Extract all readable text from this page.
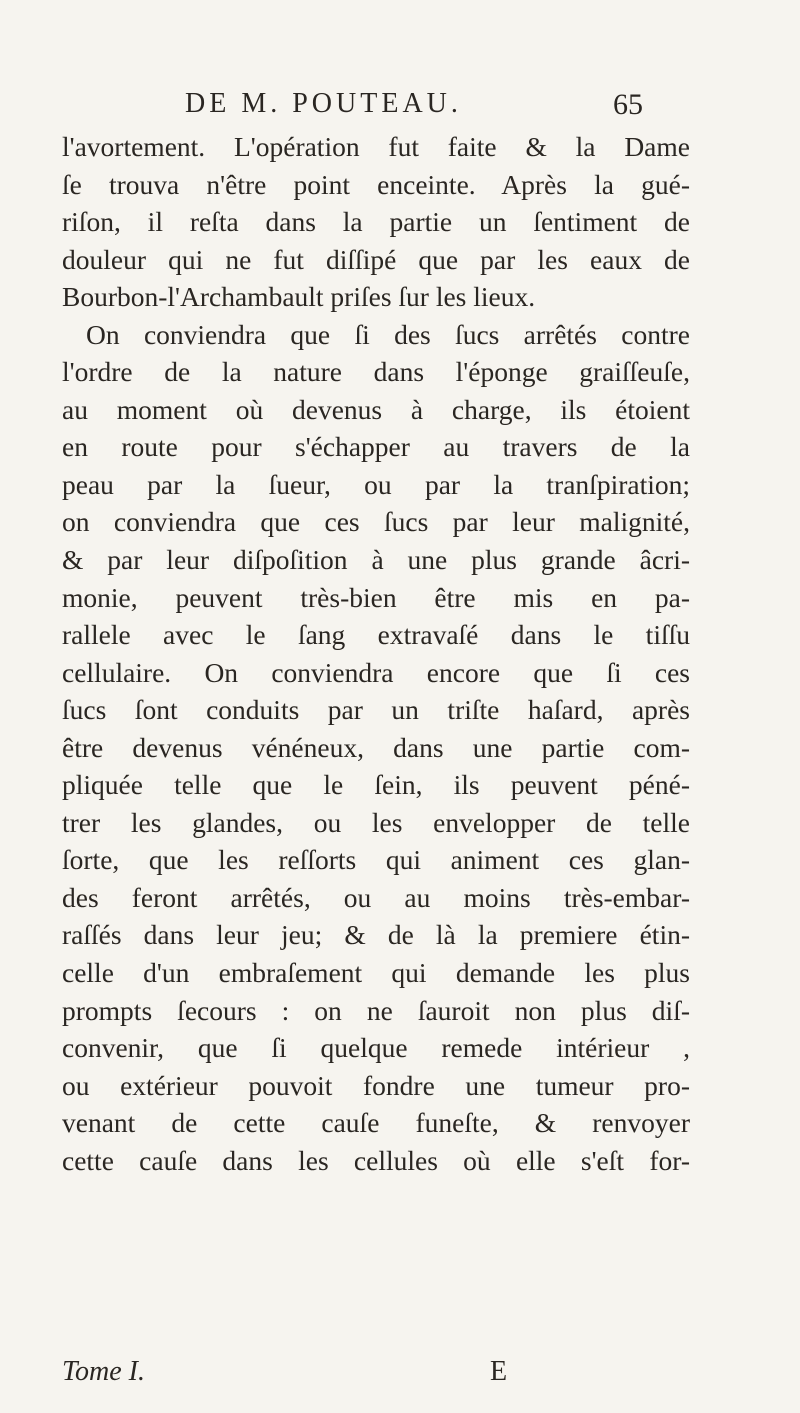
DE M. POUTEAU.	65
l'avortement. L'opération fut faite & la Dame
ſe trouva n'être point enceinte. Après la gué-
riſon, il reſta dans la partie un ſentiment de
douleur qui ne fut diſſipé que par les eaux de
Bourbon-l'Archambault priſes ſur les lieux.
On conviendra que ſi des ſucs arrêtés contre
l'ordre de la nature dans l'éponge graiſſeuſe,
au moment où devenus à charge, ils étoient
en route pour s'échapper au travers de la
peau par la ſueur, ou par la tranſpiration;
on conviendra que ces ſucs par leur malignité,
& par leur diſpoſition à une plus grande âcri-
monie, peuvent très-bien être mis en pa-
rallele avec le ſang extravaſé dans le tiſſu
cellulaire. On conviendra encore que ſi ces
ſucs ſont conduits par un triſte haſard, après
être devenus vénéneux, dans une partie com-
pliquée telle que le ſein, ils peuvent péné-
trer les glandes, ou les envelopper de telle
ſorte, que les reſſorts qui animent ces glan-
des feront arrêtés, ou au moins très-embar-
raſſés dans leur jeu; & de là la premiere étin-
celle d'un embraſement qui demande les plus
prompts ſecours : on ne ſauroit non plus diſ-
convenir, que ſi quelque remede intérieur ,
ou extérieur pouvoit fondre une tumeur pro-
venant de cette cauſe funeſte, & renvoyer
cette cauſe dans les cellules où elle s'eſt for-
Tome I.	E
